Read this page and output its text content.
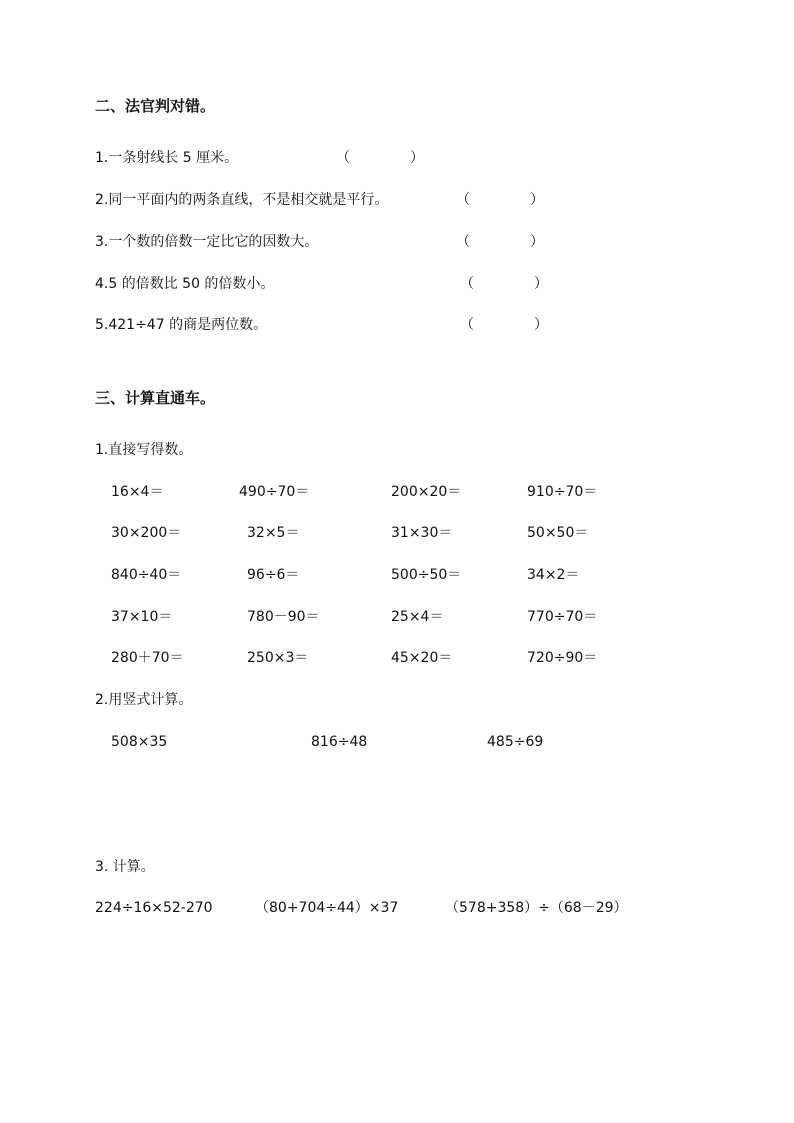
二、法官判对错。
1.一条射线长 5 厘米。	（	）
2.同一平面内的两条直线，不是相交就是平行。	（	）
3.一个数的倍数一定比它的因数大。	（	）
4.5 的倍数比 50 的倍数小。	（	）
5.421÷47 的商是两位数。	（	）
三、计算直通车。
1.直接写得数。
16×4＝	490÷70＝	200×20＝	910÷70＝
30×200＝	32×5＝	31×30＝	50×50＝
840÷40＝	96÷6＝	500÷50＝	34×2＝
37×10＝	780－90＝	25×4＝	770÷70＝
280＋70＝	250×3＝	45×20＝	720÷90＝
2.用竖式计算。
508×35	816÷48	485÷69
3. 计算。
224÷16×52-270	（80+704÷44）×37	（578+358）÷（68－29）
